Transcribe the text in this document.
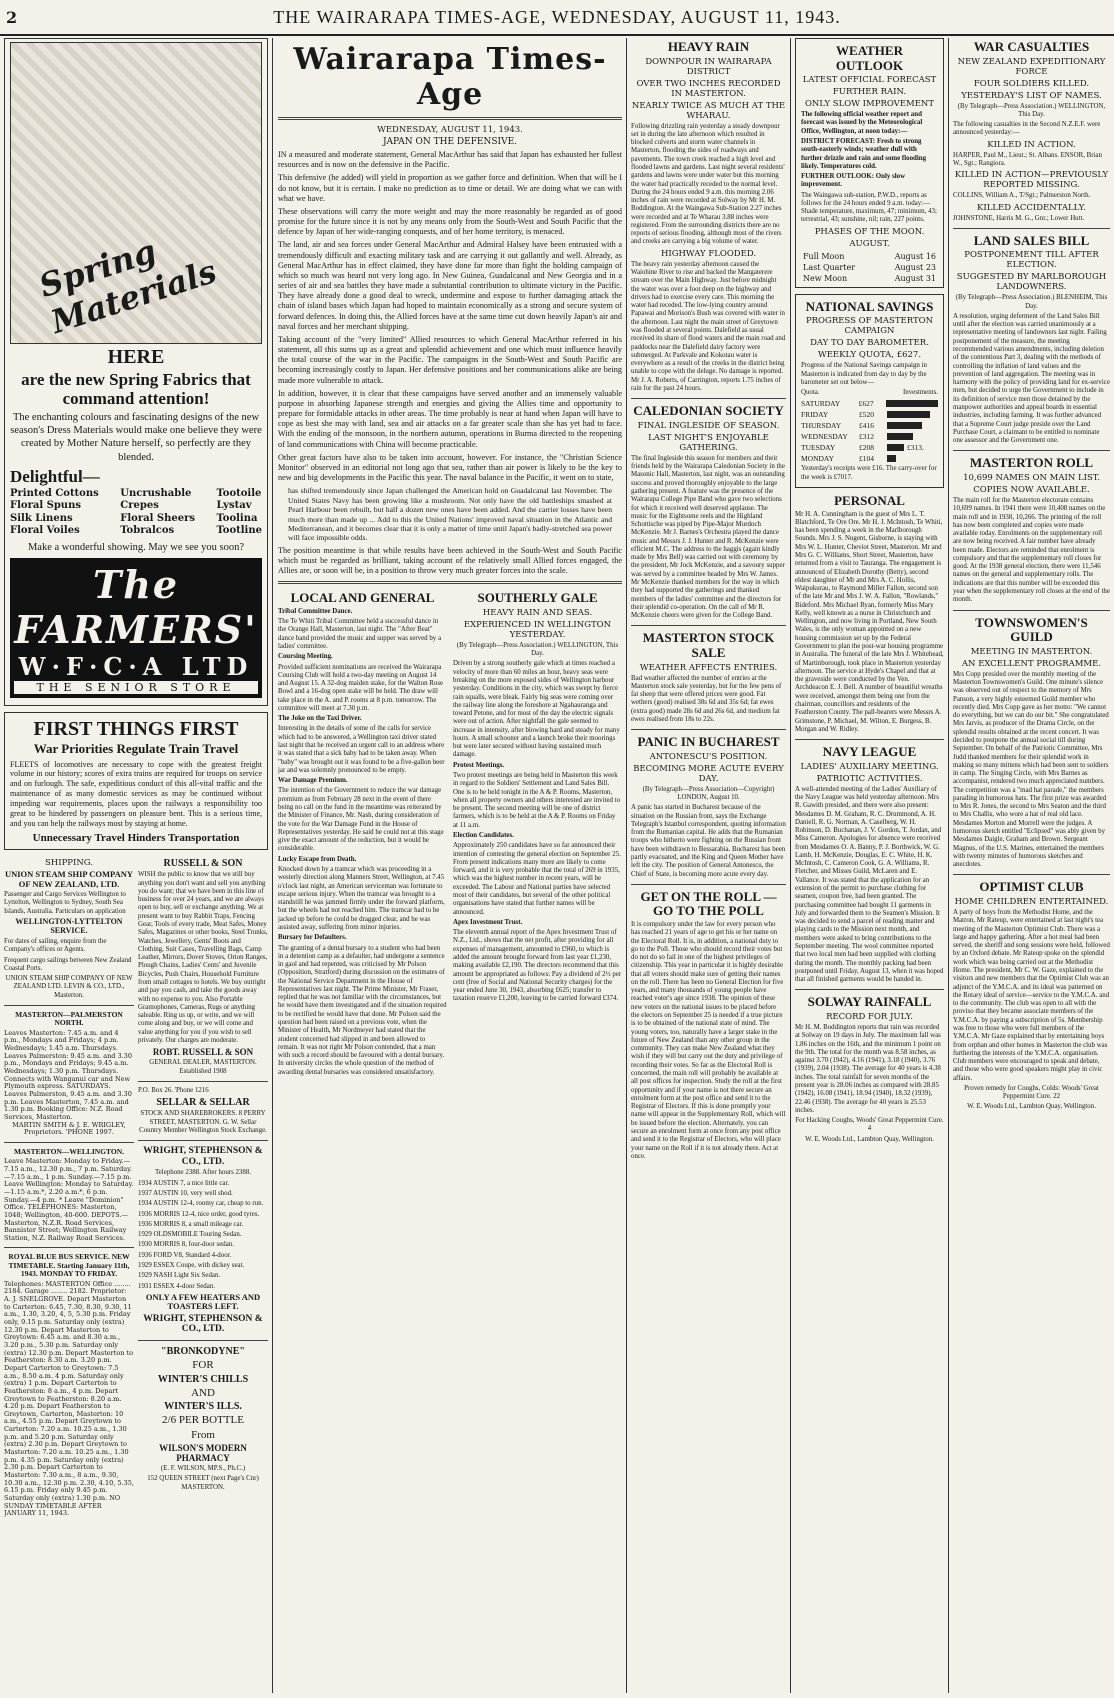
2	THE WAIRARAPA TIMES-AGE, WEDNESDAY, AUGUST 11, 1943.
Spring Materials
HERE
are the new Spring Fabrics that command attention!
The enchanting colours and fascinating designs of the new season's Dress Materials would make one believe they were created by Mother Nature herself, so perfectly are they blended.
Delightful—
Printed Cottons
Floral Spuns
Silk Linens
Floral Voiles
Uncrushable
Crepes
Floral Sheers
Tobralcos
Tootoile
Lystav
Toolina
Tootline
Make a wonderful showing. May we see you soon?
The FARMERS'
W·F·C·A LTD
THE SENIOR STORE
FIRST THINGS FIRST
War Priorities Regulate Train Travel
FLEETS of locomotives are necessary to cope with the greatest freight volume in our history; scores of extra trains are required for troops on service and on furlough. The safe, expeditious conduct of this all-vital traffic and the maintenance of as many domestic services as may be continued without impeding war requirements, places upon the railways a responsibility too great to be hindered by passengers on pleasure bent. This is a serious time, and you can help the railways most by staying at home.
Unnecessary Travel Hinders Transportation
SHIPPING.
UNION STEAM SHIP COMPANY OF NEW ZEALAND, LTD.
Passenger and Cargo Services Wellington to Lyttelton, Wellington to Sydney, South Sea Islands, Australia. Particulars on application
WELLINGTON-LYTTELTON SERVICE.
For dates of sailing, enquire from the Company's offices or Agents.
Frequent cargo sailings between New Zealand Coastal Ports.
UNION STEAM SHIP COMPANY OF NEW ZEALAND LTD. LEVIN & CO., LTD., Masterton.
MASTERTON—PALMERSTON NORTH.
Leaves Masterton: 7.45 a.m. and 4 p.m., Mondays and Fridays; 4 p.m. Wednesdays; 1.45 a.m. Thursdays. Leaves Palmerston: 9.45 a.m. and 3.30 p.m., Mondays and Fridays; 9.45 a.m. Wednesdays; 1.30 p.m. Thursdays. Connects with Wanganui car and New Plymouth express. SATURDAYS. Leaves Palmerston, 9.45 a.m. and 3.30 p.m. Leaves Masterton, 7.45 a.m. and 1.30 p.m. Booking Office: N.Z. Road Services, Masterton.
MARTIN SMITH & J. E. WRIGLEY, Proprietors. 'PHONE 1997.
MASTERTON—WELLINGTON.
Leave Masterton: Monday to Friday.—7.15 a.m., 12.30 p.m., 7 p.m. Saturday.—7.15 a.m., 1 p.m. Sunday.—7.15 p.m. Leave Wellington: Monday to Saturday.—1.15 a.m.*, 2.20 a.m.*, 6 p.m. Sunday.—4 p.m. * Leave "Dominion" Office. TELEPHONES: Masterton, 1048; Wellington, 40-600. DEPOTS.—Masterton, N.Z.R. Road Services, Bannister Street; Wellington Railway Station, N.Z. Railway Road Services.
ROYAL BLUE BUS SERVICE. NEW TIMETABLE. Starting January 11th, 1943. MONDAY TO FRIDAY.
Telephones: MASTERTON Office ........ 2184. Garage ........ 2182. Proprietor: A. J. SNELGROVE. Depart Masterton to Carterton: 6.45, 7.30, 8.30, 9.30, 11 a.m., 1.30, 3.20, 4, 5, 5.30 p.m. Friday only, 9.15 p.m. Saturday only (extra) 12.30 p.m. Depart Masterton to Greytown: 6.45 a.m. and 8.30 a.m., 3.20 p.m., 5.30 p.m. Saturday only (extra) 12.30 p.m. Depart Masterton to Featherston: 8.30 a.m. 3.20 p.m. Depart Carterton to Greytown: 7.5 a.m., 8.50 a.m. 4 p.m. Saturday only (extra) 1 p.m. Depart Carterton to Featherston: 8 a.m., 4 p.m. Depart Greytown to Featherston: 8.20 a.m. 4.20 p.m. Depart Featherston to Greytown, Carterton, Masterton: 10 a.m., 4.55 p.m. Depart Greytown to Carterton: 7.20 a.m. 10.25 a.m., 1.30 p.m. and 5.20 p.m. Saturday only (extra) 2.30 p.m. Depart Greytown to Masterton: 7.20 a.m. 10.25 a.m., 1.30 p.m. 4.35 p.m. Saturday only (extra) 2.30 p.m. Depart Carterton to Masterton: 7.30 a.m., 8 a.m., 9.30, 10.30 a.m., 12.30 p.m. 2.30, 4.10, 5.35, 6.15 p.m. Friday only 9.45 p.m. Saturday only (extra) 1.30 p.m. NO SUNDAY TIMETABLE AFTER JANUARY 11, 1943.
RUSSELL & SON
WISH the public to know that we still buy anything you don't want and sell you anything you do want; that we have been in this line of business for over 24 years, and we are always open to buy, sell or exchange anything. We at present want to buy Rabbit Traps, Fencing Gear, Tools of every trade, Meat Safes, Money Safes, Magazines or other books, Steel Trunks, Watches, Jewellery, Gents' Boots and Clothing, Suit Cases, Travelling Bags, Camp Leather, Mirrors, Dover Stoves, Orion Ranges, Plough Chains, Ladies' Cents' and Juvenile Bicycles, Push Chairs, Household Furniture from small cottages to hotels. We buy outright and pay you cash, and take the goods away with no expense to you. Also Portable Gramophones, Cameras, Rugs or anything saleable. Ring us up, or write, and we will come along and buy, or we will come and value anything for you if you wish to sell privately. Our charges are moderate.
ROBT. RUSSELL & SON
GENERAL DEALER, MASTERTON. Established 1908
P.O. Box 26. 'Phone 1216
SELLAR & SELLAR
STOCK AND SHAREBROKERS. 8 PERRY STREET, MASTERTON. G. W. Sellar Country Member Wellington Stock Exchange.
WRIGHT, STEPHENSON & CO., LTD.
Telephone 2388. After hours 2388.
1934 AUSTIN 7, a nice little car.
1937 AUSTIN 10, very well shod.
1934 AUSTIN 12-4, roomy car, cheap to run.
1936 MORRIS 12-4, nice order, good tyres.
1936 MORRIS 8, a small mileage car.
1929 OLDSMOBILE Touring Sedan.
1930 MORRIS 8, four-door sedan.
1936 FORD V8, Standard 4-door.
1929 ESSEX Coupe, with dickey seat.
1929 NASH Light Six Sedan.
1931 ESSEX 4-door Sedan.
ONLY A FEW HEATERS AND TOASTERS LEFT.
WRIGHT, STEPHENSON & CO., LTD.
"BRONKODYNE"
FOR
WINTER'S CHILLS
AND
WINTER'S ILLS.
2/6 PER BOTTLE
From
WILSON'S MODERN PHARMACY
(E. F. WILSON, MP.S., Ph.C.)
152 QUEEN STREET (next Page's Cnr) MASTERTON.
Wairarapa Times-Age
WEDNESDAY, AUGUST 11, 1943.
JAPAN ON THE DEFENSIVE.
IN a measured and moderate statement, General MacArthur has said that Japan has exhausted her fullest resources and is now on the defensive in the Pacific.
This defensive (he added) will yield in proportion as we gather force and definition. When that will be I do not know, but it is certain. I make no prediction as to time or detail. We are doing what we can with what we have.
These observations will carry the more weight and may the more reasonably be regarded as of good promise for the future since it is not by any means only from the South-West and South Pacific that the defence by Japan of her wide-ranging conquests, and of her home territory, is menaced.
The land, air and sea forces under General MacArthur and Admiral Halsey have been entrusted with a tremendously difficult and exacting military task and are carrying it out gallantly and well. Already, as General MacArthur has in effect claimed, they have done far more than fight the holding campaign of which so much was heard not very long ago. In New Guinea, Guadalcanal and New Georgia and in a series of air and sea battles they have made a substantial contribution to ultimate victory in the Pacific. They have already done a good deal to wreck, undermine and expose to further damaging attack the chain of island bases which Japan had hoped to maintain economically as a strong and secure system of forward defences. In doing this, the Allied forces have at the same time cut down heavily Japan's air and naval forces and her merchant shipping.
Taking account of the "very limited" Allied resources to which General MacArthur referred in his statement, all this sums up as a great and splendid achievement and one which must influence heavily the total course of the war in the Pacific. The campaigns in the South-West and South Pacific are becoming increasingly costly to Japan. Her defensive positions and her communications alike are being made more vulnerable to attack.
In addition, however, it is clear that these campaigns have served another and an immensely valuable purpose in absorbing Japanese strength and energies and giving the Allies time and opportunity to prepare for formidable attacks in other areas. The time probably is near at hand when Japan will have to cope as best she may with land, sea and air attacks on a far greater scale than she has yet had to face. With the ending of the monsoon, in the northern autumn, operations in Burma directed to the reopening of land communications with China will become practicable.
Other great factors have also to be taken into account, however. For instance, the "Christian Science Monitor" observed in an editorial not long ago that sea, rather than air power is likely to be the key to new and big developments in the Pacific this year. The naval balance in the Pacific, it went on to state,
has shifted tremendously since Japan challenged the American hold on Guadalcanal last November. The United States Navy has been growing like a mushroom. Not only have the old battleships smashed at Pearl Harbour been rebuilt, but half a dozen new ones have been added. And the carrier losses have been much more than made up ... Add to this the United Nations' improved naval situation in the Atlantic and Mediterranean, and it becomes clear that it is only a matter of time until Japan's badly-stretched sea power will face impossible odds.
The position meantime is that while results have been achieved in the South-West and South Pacific which must be regarded as brilliant, taking account of the relatively small Allied forces engaged, the Allies are, or soon will be, in a position to throw very much greater forces into the scale.
LOCAL AND GENERAL
Tribal Committee Dance.
The Te Whiti Tribal Committee held a successful dance in the Orange Hall, Masterton, last night. The "After Beat" dance band provided the music and supper was served by a ladies' committee.
Coursing Meeting.
Provided sufficient nominations are received the Wairarapa Coursing Club will hold a two-day meeting on August 14 and August 15. A 32-dog maiden stake, for the Walton Rose Bowl and a 16-dog open stake will be held. The draw will take place in the A. and P. rooms at 8 p.m. tomorrow. The committee will meet at 7.30 p.m.
The Joke on the Taxi Driver.
Interesting in the details of some of the calls for service which had to be answered, a Wellington taxi driver stated last night that he received an urgent call to an address where it was stated that a sick baby had to be taken away. When "baby" was brought out it was found to be a five-gallon beer jar and was solemnly pronounced to be empty.
War Damage Premium.
The intention of the Government to reduce the war damage premium as from February 28 next in the event of there being no call on the fund in the meantime was reiterated by the Minister of Finance, Mr. Nash, during consideration of the vote for the War Damage Fund in the House of Representatives yesterday. He said he could not at this stage give the exact amount of the reduction, but it would be considerable.
Lucky Escape from Death.
Knocked down by a tramcar which was proceeding in a westerly direction along Manners Street, Wellington, at 7.45 o'clock last night, an American serviceman was fortunate to escape serious injury. When the tramcar was brought to a standstill he was jammed firmly under the forward platform, but the wheels had not reached him. The tramcar had to be jacked up before he could be dragged clear, and he was assisted away, suffering from minor injuries.
Bursary for Defaulters.
The granting of a dental bursary to a student who had been in a detention camp as a defaulter, had undergone a sentence in gaol and had repented, was criticised by Mr Polson (Opposition, Stratford) during discussion on the estimates of the National Service Department in the House of Representatives last night. The Prime Minister, Mr Fraser, replied that he was not familiar with the circumstances, but he would have them investigated and if the situation required to be rectified he would have that done. Mr Polson said the question had been raised on a previous vote, when the Minister of Health, Mr Nordmeyer had stated that the student concerned had slipped in and been allowed to remain. It was not right Mr Polson contended, that a man with such a record should be favoured with a dental bursary. In university circles the whole question of the method of awarding dental bursaries was considered unsatisfactory.
SOUTHERLY GALE
HEAVY RAIN AND SEAS.
EXPERIENCED IN WELLINGTON YESTERDAY.
(By Telegraph—Press Association.) WELLINGTON, This Day.
Driven by a strong southerly gale which at times reached a velocity of more than 60 miles an hour, heavy seas were breaking on the more exposed sides of Wellington harbour yesterday. Conditions in the city, which was swept by fierce rain squalls, were bleak. Fairly big seas were coming over the railway line along the foreshore at Ngahauranga and toward Petone, and for most of the day the electric signals were out of action. After nightfall the gale seemed to increase in intensity, after blowing hard and steady for many hours. A small schooner and a launch broke their moorings but were later secured without having sustained much damage.
Protest Meetings.
Two protest meetings are being held in Masterton this week in regard to the Soldiers' Settlement and Land Sales Bill. One is to be held tonight in the A & P. Rooms, Masterton, when all property owners and others interested are invited to be present. The second meeting will be one of district farmers, which is to be held at the A & P. Rooms on Friday at 11 a.m.
Election Candidates.
Approximately 250 candidates have so far announced their intention of contesting the general election on September 25. From present indications many more are likely to come forward, and it is very probable that the total of 269 in 1935, which was the highest number in recent years, will be exceeded. The Labour and National parties have selected most of their candidates, but several of the other political organisations have stated that further names will be announced.
Apex Investment Trust.
The eleventh annual report of the Apex Investment Trust of N.Z., Ltd., shows that the net profit, after providing for all expenses of management, amounted to £960, to which is added the amount brought forward from last year £1,230, making available £2,190. The directors recommend that this amount be appropriated as follows: Pay a dividend of 2½ per cent (free of Social and National Security charges) for the year ended June 30, 1943, absorbing £625; transfer to taxation reserve £1,200, leaving to be carried forward £374.
HEAVY RAIN
DOWNPOUR IN WAIRARAPA DISTRICT
OVER TWO INCHES RECORDED IN MASTERTON.
NEARLY TWICE AS MUCH AT THE WHARAU.
Following drizzling rain yesterday a steady downpour set in during the late afternoon which resulted in blocked culverts and storm water channels in Masterton, flooding the sides of roadways and pavements. The town creek reached a high level and flooded lawns and gardens. Last night several residents' gardens and lawns were under water but this morning the water had practically receded to the normal level. During the 24 hours ended 9 a.m. this morning 2.06 inches of rain were recorded at Solway by Mr H. M. Boddington. At the Waingawa Sub-Station 2.27 inches were recorded and at Te Wharau 3.88 inches were registered. From the surrounding districts there are no reports of serious flooding, although most of the rivers and creeks are carrying a big volume of water.
HIGHWAY FLOODED.
The heavy rain yesterday afternoon caused the Waiohine River to rise and backed the Mangaterere stream over the Main Highway. Just before midnight the water was over a foot deep on the highway and drivers had to exercise every care. This morning the water had receded. The low-lying country around Papawai and Morison's Bush was covered with water in the afternoon. Last night the main street of Greytown was flooded at several points. Dalefield as usual received its share of flood waters and the main road and paddocks near the Dalefield dairy factory were submerged. At Parkvale and Kokotau water is everywhere as a result of the creeks in the district being unable to cope with the deluge. No damage is reported. Mr J. A. Roberts, of Carrington, reports 1.75 inches of rain for the past 24 hours.
CALEDONIAN SOCIETY
FINAL INGLESIDE OF SEASON.
LAST NIGHT'S ENJOYABLE GATHERING.
The final Ingleside this season for members and their friends held by the Wairarapa Caledonian Society in the Masonic Hall, Masterton, last night, was an outstanding success and proved thoroughly enjoyable to the large gathering present. A feature was the presence of the Wairarapa College Pipe Band who gave two selections for which it received well deserved applause. The music for the Eightsome reels and the Highland Schottische was piped by Pipe-Major Murdoch McKenzie. Mr J. Barnes's Orchestra played the dance music and Messrs J. J. Hunter and R. McKenzie were efficient M.C. The address to the haggis (again kindly made by Mrs Bell) was carried out with ceremony by the president, Mr Jock McKenzie, and a savoury supper was served by a committee headed by Mrs W. James. Mr McKenzie thanked members for the way in which they had supported the gatherings and thanked members of the ladies' committee and the directors for their splendid co-operation. On the call of Mr R. McKenzie cheers were given for the College Band.
MASTERTON STOCK SALE
WEATHER AFFECTS ENTRIES.
Bad weather affected the number of entries at the Masterton stock sale yesterday, but for the few pens of fat sheep that were offered prices were good. Fat wethers (good) realised 38s 6d and 35s 6d; fat ewes (extra good) made 28s 6d and 26s 6d, and medium fat ewes realised from 18s to 22s.
PANIC IN BUCHAREST
ANTONESCU'S POSITION.
BECOMING MORE ACUTE EVERY DAY.
(By Telegraph—Press Association—Copyright) LONDON, August 10.
A panic has started in Bucharest because of the situation on the Russian front, says the Exchange Telegraph's Istanbul correspondent, quoting information from the Rumanian capital. He adds that the Rumanian troops who hitherto were fighting on the Russian front have been withdrawn to Bessarabia. Bucharest has been partly evacuated, and the King and Queen Mother have left the city. The position of General Antonescu, the Chief of State, is becoming more acute every day.
GET ON THE ROLL —GO TO THE POLL
It is compulsory under the law for every person who has reached 21 years of age to get his or her name on the Electoral Roll. It is, in addition, a national duty to go to the Poll. Those who should record their votes but do not do so fail in one of the highest privileges of citizenship. This year in particular it is highly desirable that all voters should make sure of getting their names on the roll. There has been no General Election for five years, and many thousands of young people have reached voter's age since 1938. The opinion of these new voters on the national issues to be placed before the electors on September 25 is needed if a true picture is to be obtained of the national state of mind. The young voters, too, naturally have a larger stake in the future of New Zealand than any other group in the community. They can make New Zealand what they wish if they will but carry out the duty and privilege of recording their votes. So far as the Electoral Roll is concerned, the main roll will probably be available at all post offices for inspection. Study the roll at the first opportunity and if your name is not there secure an enrolment form at the post office and send it to the Registrar of Electors. If this is done promptly your name will appear in the Supplementary Roll, which will be issued before the election. Alternately, you can secure an enrolment form at once from any post office and send it to the Registrar of Electors, who will place your name on the Roll if it is not already there. Act at once.
WEATHER OUTLOOK
LATEST OFFICIAL FORECAST
FURTHER RAIN.
ONLY SLOW IMPROVEMENT
The following official weather report and forecast was issued by the Meteorological Office, Wellington, at noon today:—
DISTRICT FORECAST: Fresh to strong south-easterly winds; weather dull with further drizzle and rain and some flooding likely. Temperatures cold.
FURTHER OUTLOOK: Only slow improvement.
The Waingawa sub-station, P.W.D., reports as follows for the 24 hours ended 9 a.m. today:—Shade temperature, maximum, 47; minimum, 43; terrestrial, 43; sunshine, nil; rain, 227 points.
PHASES OF THE MOON.
AUGUST.
Full Moon	August 16
Last Quarter	August 23
New Moon	August 31
NATIONAL SAVINGS
PROGRESS OF MASTERTON CAMPAIGN
DAY TO DAY BAROMETER.
WEEKLY QUOTA, £627.
Progress of the National Savings campaign in Masterton is indicated from day to day by the barometer set out below—
Quota.	Investments.
SATURDAY	£627
FRIDAY	£520
THURSDAY	£416
WEDNESDAY	£312
TUESDAY	£208	£313.
MONDAY	£104
Yesterday's receipts were £16. The carry-over for the week is £7017.
PERSONAL
Mr H. A. Cunningham is the guest of Mrs L. T. Blatchford, Te Ore Ore. Mr H. J. McIntosh, Te Whiti, has been spending a week in the Marlborough Sounds. Mrs J. S. Nugent, Gisborne, is staying with Mrs W. L. Hunter, Cheviot Street, Masterton. Mr and Mrs G. C. Williams, Short Street, Masterton, have returned from a visit to Tauranga. The engagement is announced of Elizabeth Dorothy (Betty), second eldest daughter of Mr and Mrs A. C. Hollis, Waipukurau, to Raymond Miller Fallon, second son of the late Mr and Mrs J. W. A. Fallon, "Rowlands," Bideford. Mrs Michael Ryan, formerly Miss Mary Kelly, well known as a nurse in Christchurch and Wellington, and now living in Portland, New South Wales, is the only woman appointed on a new housing commission set up by the Federal Government to plan the post-war housing programme in Australia. The funeral of the late Mrs J. Whitehead, of Martinborough, took place in Masterton yesterday afternoon. The service at Hyde's Chapel and that at the graveside were conducted by the Ven. Archdeacon E. J. Bell. A number of beautiful wreaths were received, amongst them being one from the chairman, councillors and residents of the Featherston County. The pall-bearers were Messrs A. Grimstone, P. Michael, M. Wilton, E. Burgess, B. Morgan and W. Ridley.
NAVY LEAGUE
LADIES' AUXILIARY MEETING.
PATRIOTIC ACTIVITIES.
A well-attended meeting of the Ladies' Auxiliary of the Navy League was held yesterday afternoon. Mrs R. Gawith presided, and there were also present: Mesdames D. M. Graham, R. C. Drummond, A. H. Daniell, R. G. Norman, A. Caselberg, W. H. Robinson, D. Buchanan, J. V. Gordon, T. Jordan, and Miss Cameron. Apologies for absence were received from Mesdames O. A. Banny, P. J. Borthwick, W. G. Lamb, H. McKenzie, Douglas, E. C. White, H. K. McIntosh, C. Cameron Cook, G. A. Williams, R. Fletcher, and Misses Guild, McLaren and E. Vallance. It was stated that the application for an extension of the permit to purchase clothing for seamen, coupon free, had been granted. The purchasing committee had bought 11 garments in July and forwarded them to the Seamen's Mission. It was decided to send a parcel of reading matter and playing cards to the Mission next month, and members were asked to bring contributions to the September meeting. The wool committee reported that two local men had been supplied with clothing during the month. The monthly packing had been postponed until Friday, August 13, when it was hoped that all finished garments would be handed in.
SOLWAY RAINFALL
RECORD FOR JULY.
Mr H. M. Boddington reports that rain was recorded at Solway on 19 days in July. The maximum fall was 1.86 inches on the 16th, and the minimum 1 point on the 9th. The total for the month was 8.58 inches, as against 3.70 (1942), 4.16 (1941), 3.18 (1940), 3.76 (1939), 2.04 (1938). The average for 40 years is 4.38 inches. The total rainfall for seven months of the present year is 28.06 inches as compared with 28.85 (1942), 16.08 (1941), 18.94 (1940), 18.32 (1939), 22.46 (1938). The average for 40 years is 25.53 inches.
For Hacking Coughs, Woods' Great Peppermint Cure. 4
W. E. Woods Ltd., Lambton Quay, Wellington.
WAR CASUALTIES
NEW ZEALAND EXPEDITIONARY FORCE
FOUR SOLDIERS KILLED.
YESTERDAY'S LIST OF NAMES.
(By Telegraph—Press Association.) WELLINGTON, This Day.
The following casualties in the Second N.Z.E.F. were announced yesterday:—
KILLED IN ACTION.
HARPER, Paul M., Lieut.; St. Albans. ENSOR, Brian W., Sgt.; Rangiora.
KILLED IN ACTION—PREVIOUSLY REPORTED MISSING.
COLLINS, William A., T/Sgt.; Palmerston North.
KILLED ACCIDENTALLY.
JOHNSTONE, Harris M. G., Gnr.; Lower Hutt.
LAND SALES BILL
POSTPONEMENT TILL AFTER ELECTION.
SUGGESTED BY MARLBOROUGH LANDOWNERS.
(By Telegraph—Press Association.) BLENHEIM, This Day.
A resolution, urging deferment of the Land Sales Bill until after the election was carried unanimously at a representative meeting of landowners last night. Failing postponement of the measure, the meeting recommended various amendments, including deletion of the contentious Part 3, dealing with the methods of controlling the inflation of land values and the prevention of land aggregation. The meeting was in harmony with the policy of providing land for ex-service men, but decided to urge the Government to include in its definition of service men those detained by the manpower authorities and appeal boards in essential industries, including farming. It was further advanced that a Supreme Court judge preside over the Land Purchase Court, a claimant to be entitled to nominate one assessor and the Government one.
MASTERTON ROLL
10,699 NAMES ON MAIN LIST.
COPIES NOW AVAILABLE.
The main roll for the Masterton electorate contains 10,699 names. In 1941 there were 10,408 names on the main roll and in 1938, 10,266. The printing of the roll has now been completed and copies were made available today. Enrolments on the supplementary roll are now being received. A fair number have already been made. Electors are reminded that enrolment is compulsory and that the supplementary roll closes for good. At the 1938 general election, there were 11,546 names on the general and supplementary rolls. The indications are that this number will be exceeded this year when the supplementary roll closes at the end of the month.
TOWNSWOMEN'S GUILD
MEETING IN MASTERTON.
AN EXCELLENT PROGRAMME.
Mrs Copp presided over the monthly meeting of the Masterton Townswomen's Guild. One minute's silence was observed out of respect to the memory of Mrs Panson, a very highly esteemed Guild member who recently died. Mrs Copp gave as her motto: "We cannot do everything, but we can do our bit." She congratulated Mrs Jarvis, as producer of the Drama Circle, on the splendid results obtained at the recent concert. It was decided to postpone the annual social till during September. On behalf of the Patriotic Committee, Mrs Judd thanked members for their splendid work in making so many mittens which had been sent to soldiers in camp. The Singing Circle, with Mrs Barnes as accompanist, rendered two much appreciated numbers. The competition was a "mad hat parade," the members parading in humorous hats. The first prize was awarded to Mrs R. Jones, the second to Mrs Seaton and the third to Mrs Challis, who wore a hat of real old lace. Mesdames Morton and Morrell were the judges. A humorous sketch entitled "Eclipsed" was ably given by Mesdames Daigle, Graham and Brown. Sergeant Magnus, of the U.S. Marines, entertained the members with twenty minutes of humorous sketches and anecdotes.
OPTIMIST CLUB
HOME CHILDREN ENTERTAINED.
A party of boys from the Methodist Home, and the Matron, Mr Rateup, were entertained at last night's tea meeting of the Masterton Optimist Club. There was a large and happy gathering. After a hot meal had been served, the sheriff and song sessions were held, followed by an Oxford debate. Mr Rateup spoke on the splendid work which was being carried out at the Methodist Home. The president, Mr C. W. Gaze, explained to the visitors and new members that the Optimist Club was an adjunct of the Y.M.C.A. and its ideal was patterned on the Rotary ideal of service—service to the Y.M.C.A. and to the community. The club was open to all with the proviso that they became associate members of the Y.M.C.A. by paying a subscription of 5s. Membership was free to those who were full members of the Y.M.C.A. Mr Gaze explained that by entertaining boys from orphan and other homes in Masterton the club was furthering the interests of the Y.M.C.A. organisation. Club members were encouraged to speak and debate, and those who were good speakers might play in civic affairs.
Proven remedy for Coughs, Colds: Woods' Great Peppermint Cure. 22
W. E. Woods Ltd., Lambton Quay, Wellington.
